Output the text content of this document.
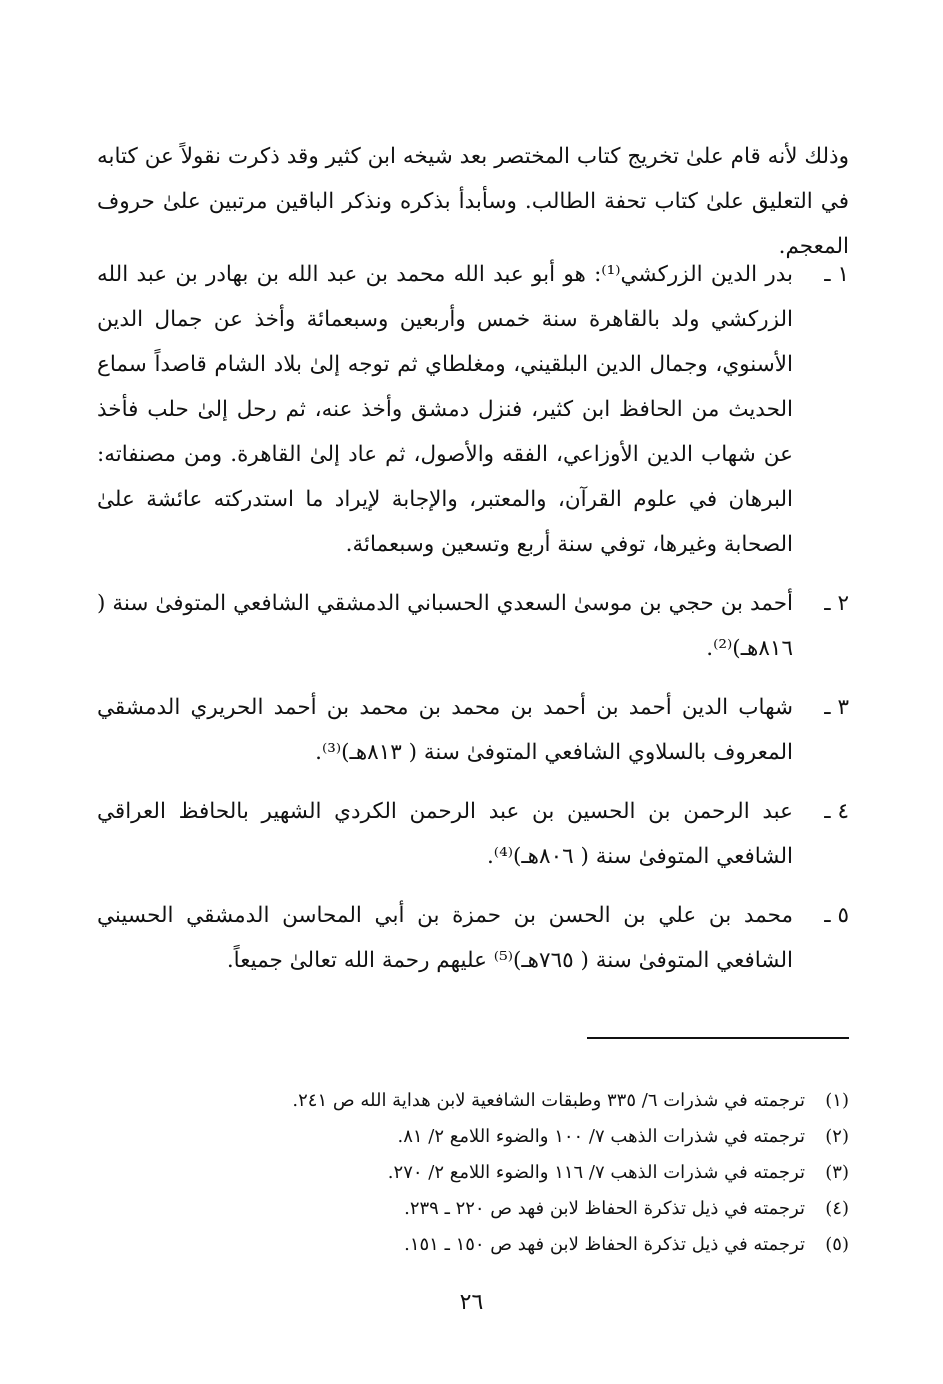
وذلك لأنه قام علىٰ تخريج كتاب المختصر بعد شيخه ابن كثير وقد ذكرت نقولاً عن كتابه في التعليق علىٰ كتاب تحفة الطالب. وسأبدأ بذكره ونذكر الباقين مرتبين علىٰ حروف المعجم.

١ ـ
بدر الدين الزركشي⁽¹⁾: هو أبو عبد الله محمد بن عبد الله بن بهادر بن عبد الله الزركشي ولد بالقاهرة سنة خمس وأربعين وسبعمائة وأخذ عن جمال الدين الأسنوي، وجمال الدين البلقيني، ومغلطاي ثم توجه إلىٰ بلاد الشام قاصداً سماع الحديث من الحافظ ابن كثير، فنزل دمشق وأخذ عنه، ثم رحل إلىٰ حلب فأخذ عن شهاب الدين الأوزاعي، الفقه والأصول، ثم عاد إلىٰ القاهرة. ومن مصنفاته: البرهان في علوم القرآن، والمعتبر، والإجابة لإيراد ما استدركته عائشة علىٰ الصحابة وغيرها، توفي سنة أربع وتسعين وسبعمائة.
٢ ـ
أحمد بن حجي بن موسىٰ السعدي الحسباني الدمشقي الشافعي المتوفىٰ سنة ( ٨١٦هـ)⁽²⁾.
٣ ـ
شهاب الدين أحمد بن أحمد بن محمد بن محمد بن أحمد الحريري الدمشقي المعروف بالسلاوي الشافعي المتوفىٰ سنة ( ٨١٣هـ)⁽³⁾.
٤ ـ
عبد الرحمن بن الحسين بن عبد الرحمن الكردي الشهير بالحافظ العراقي الشافعي المتوفىٰ سنة ( ٨٠٦هـ)⁽⁴⁾.
٥ ـ
محمد بن علي بن الحسن بن حمزة بن أبي المحاسن الدمشقي الحسيني الشافعي المتوفىٰ سنة ( ٧٦٥هـ)⁽⁵⁾ عليهم رحمة الله تعالىٰ جميعاً.
(١)
ترجمته في شذرات ٦/ ٣٣٥ وطبقات الشافعية لابن هداية الله ص ٢٤١.
(٢)
ترجمته في شذرات الذهب ٧/ ١٠٠ والضوء اللامع ٢/ ٨١.
(٣)
ترجمته في شذرات الذهب ٧/ ١١٦ والضوء اللامع ٢/ ٢٧٠.
(٤)
ترجمته في ذيل تذكرة الحفاظ لابن فهد ص ٢٢٠ ـ ٢٣٩.
(٥)
ترجمته في ذيل تذكرة الحفاظ لابن فهد ص ١٥٠ ـ ١٥١.
٢٦
